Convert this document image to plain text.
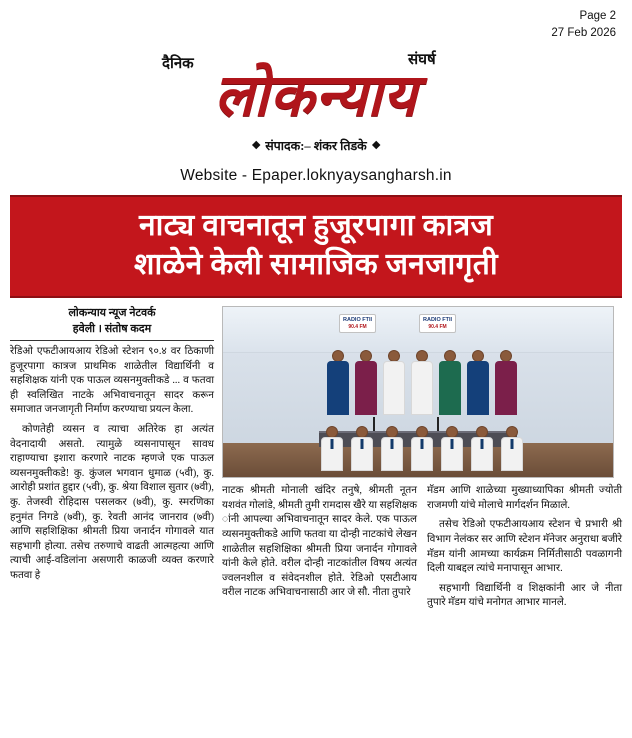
Page 2
27 Feb 2026
दैनिक	संघर्ष
लोकन्याय
संपादक:– शंकर तिडके
Website - Epaper.loknyaysangharsh.in
नाट्य वाचनातून हुजूरपागा कात्रज
शाळेने केली सामाजिक जनजागृती
लोकन्याय न्यूज नेटवर्क
हवेली । संतोष कदम

रेडिओ एफटीआयआय रेडिओ स्टेशन ९०.४ वर ठिकाणी हुजूरपागा कात्रज प्राथमिक शाळेतील विद्यार्थिनी व सहशिक्षक यांनी एक पाऊल व्यसनमुक्तीकडे ... व फतवा ही स्वलिखित नाटके अभिवाचनातून सादर करून समाजात जनजागृती निर्माण करण्याचा प्रयत्न केला.

कोणतेही व्यसन व त्याचा अतिरेक हा अत्यंत वेदनादायी असतो. त्यामुळे व्यसनापासून सावध राहाण्याचा इशारा करणारे नाटक म्हणजे एक पाऊल व्यसनमुक्तीकडे! कु. कुंजल भगवान धुमाळ (५वी), कु. आरोही प्रशांत हुद्दार (५वी), कु. श्रेया विशाल सुतार (७वी), कु. तेजस्वी रोहिदास पसलकर (७वी), कु. स्मरणिका हनुमंत निगडे (७वी), कु. रेवती आनंद जानराव (७वी) आणि सहशिक्षिका श्रीमती प्रिया जनार्दन गोगावले यात सहभागी होत्या. तसेच तरुणाचे वाढती आत्महत्या आणि त्याची आई-वडिलांना असणारी काळजी व्यक्त करणारे फतवा हे

RADIO FTII
90.4 FM
RADIO FTII
90.4 FM

नाटक श्रीमती मोनाली खंदिर तनुषे, श्रीमती नूतन यशवंत गोलांडे, श्रीमती तुमी रामदास खैरे या सहशिक्षक ांनी आपल्या अभिवाचनातून सादर केले. एक पाऊल व्यसनमुक्तीकडे आणि फतवा या दोन्ही नाटकांचे लेखन शाळेतील सहशिक्षिका श्रीमती प्रिया जनार्दन गोगावले यांनी केले होते. वरील दोन्ही नाटकांतील विषय अत्यंत ज्वलनशील व संवेदनशील होते. रेडिओ एसटीआय वरील नाटक अभिवाचनासाठी आर जे सौ. नीता तुपारे

मॅडम आणि शाळेच्या मुख्याध्यापिका श्रीमती ज्योती राजमणी यांचे मोलाचे मार्गदर्शन मिळाले.

तसेच रेडिओ एफटीआयआय स्टेशन चे प्रभारी श्री विभाग नेलंकर सर आणि स्टेशन मॅनेजर अनुराधा बजीरे मॅडम यांनी आमच्या कार्यक्रम निर्मितीसाठी पवळागनी दिली याबद्दल त्यांचे मनापासून आभार.

सहभागी विद्यार्थिनी व शिक्षकांनी आर जे नीता तुपारे मॅडम यांचे मनोगत आभार मानले.
